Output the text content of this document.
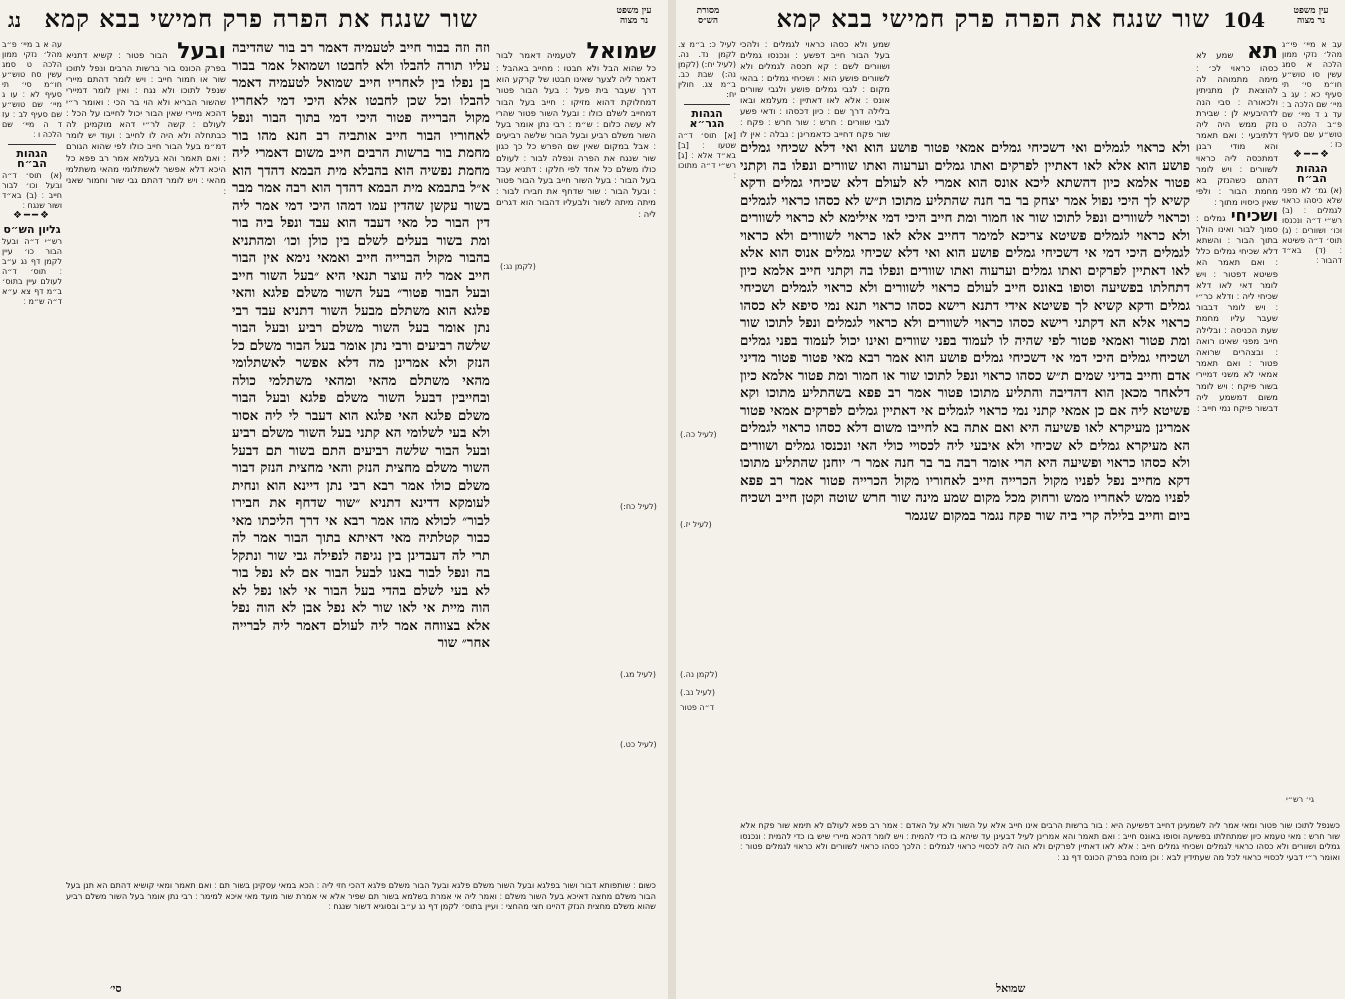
עין משפט
נר מצוה
שור שנגח את הפרה פרק חמישי בבא קמא
נג
עה א ב מיי׳ פ״ב מהל׳ נזקי ממון הלכה ט סמג עשין סח טוש״ע חו״מ סי׳ תי סעיף לא ׃ עו ג מיי׳ שם טוש״ע שם סעיף לב ׃ עז ד ה מיי׳ שם הלכה ו ׃
הגהות הב״ח
(א) תוס׳ ד״ה ובעל וכו׳ לבור חייב ׃ (ב) בא״ד ושור שנגח ׃
❖━━❖
גליון הש״ס
רש״י ד״ה ובעל הבור כו׳ עיין לקמן דף נג ע״ב ׃ תוס׳ ד״ה לעולם עיין בתוס׳ ב״מ דף צא ע״א ד״ה ש״מ ׃
ובעל הבור פטור ׃ קשיא דתניא בפרק הכונס בור ברשות הרבים ונפל לתוכו שור או חמור חייב ׃ ויש לומר דהתם מיירי שנפל לתוכו ולא נגח ׃ ואין לומר דמיירי שהשור הבריא ולא הוי בר הכי ׃ ואומר ר״י דהכא מיירי שאין הבור יכול לחייבו על הכל ׃ לעולם ׃ קשה לר״י דהא מוקמינן לה כבתחלה ולא היה לו לחייב ׃ ועוד יש לומר דמ״מ בעל הבור חייב כולו לפי שהוא הגורם ׃ ואם תאמר והא בעלמא אמר רב פפא כל היכא דלא אפשר לאשתלומי מהאי משתלמי מהאי ׃ ויש לומר דהתם גבי שור וחמור שאני ׃
וזה וזה בבור חייב לטעמיה דאמר רב בור שהדיבה עליו תורה להבלו ולא לחבטו ושמואל אמר בבור בן נפלו בין לאחריו חייב שמואל לטעמיה דאמר להבלו וכל שכן לחבטו אלא היכי דמי לאחריו מקול הברייה פטור היכי דמי בתוך הבור ונפל לאחוריו הבור חייב אותביה רב חנא מהו בור מחמת בור ברשות הרבים חייב משום דאמרי ליה מחמת נפשיה הוא בהבלא מית הבמא דהדך הוא א״ל בתבמא מית הבמא דהדך הוא רבה אמר מבר בשור עקשן שהדין עמו דמהו היכי דמי אמר ליה דין הבור כל מאי דעבד הוא עבד ונפל ביה בור ומת בשור בעלים לשלם בין כולן וכו׳ ומהתניא בהבור מקול הברייה חייב ואמאי נימא אין הבור חייב אמר ליה עוצר תנאי היא ״בעל השור חייב ובעל הבור פטור״ בעל השור משלם פלגא והאי פלגא הוא משתלם מבעל השור דתניא עבד רבי נתן אומר בעל השור משלם רביע ובעל הבור שלשה רביעים ורבי נתן אומר בעל הבור משלם כל הנזק ולא אמרינן מה דלא אפשר לאשתלומי מהאי משתלם מהאי ומהאי משתלמי כולה ובחייבין דבעל השור משלם פלגא ובעל הבור משלם פלגא האי פלגא הוא דעבר לי ליה אסור ולא בעי לשלומי הא קתני בעל השור משלם רביע ובעל הבור שלשה רביעים התם בשור תם דבעל השור משלם מחצית הנזק והאי מחצית הנזק דבור משלם כולו אמר רבא רבי נתן דיינא הוא ונחית לעומקא דדינא דתניא ״שור שדחף את חבירו לבור״ לכולא מהו אמר רבא אי דרך הליכתו מאי כבור קטלתיה מאי דאיתא בתוך הבור אמר לה תרי לה דעבדינן בין נגיפה לנפילה גבי שור ונתקל בה ונפל לבור באנו לבעל הבור אם לא נפל בור לא בעי לשלם בהדי בעל הבור אי לאו נפל לא הוה מיית אי לאו שור לא נפל אבן לא הוה נפל אלא בצווחה אמר ליה לעולם דאמר ליה לברייה אחר״ שור
שמואל לטעמיה דאמר לבור כל שהוא הבל ולא חבטו ׃ מחייב באהבל ׃ דאמר ליה לצער שאינו חבטו של קרקע הוא דרך שעבר בית פעל ׃ בעל הבור פטור דמחלוקת דהוא מזיקו ׃ חייב בעל הבור דמחייב לשלם כולו ׃ ובעל השור פטור שהרי לא עשה כלום ׃ ש״מ ׃ רבי נתן אומר בעל השור משלם רביע ובעל הבור שלשה רביעים ׃ אבל במקום שאין שם הפרש כל כך כגון שור שנגח את הפרה ונפלה לבור ׃ לעולם כולו משלם כל אחד לפי חלקו ׃ דתניא עבד בעל הבור ׃ בעל השור חייב בעל הבור פטור ׃ ובעל הבור ׃ שור שדחף את חבירו לבור ׃ מיתה מיתה לשור ולבעליו דהבור הוא דגרים ליה ׃
(לקמן נג:)
(לעיל כח:)
(לעיל מג.)
(לעיל כט.)
כשום ׃ שותפותא דבור ושור בפלגא ובעל השור משלם פלגא ובעל הבור משלם פלגא דהכי חזי ליה ׃ הכא במאי עסקינן בשור תם ׃ ואם תאמר ומאי קושיא דהתם הא תנן בעל הבור משלם מחצה דאיכא בעל השור משלם ׃ ואמר ליה אי אמרת בשלמא בשור תם שפיר אלא אי אמרת שור מועד מאי איכא למימר ׃ רבי נתן אומר בעל השור משלם רביע שהוא משלם מחצית הנזק דהיינו חצי מהחצי ׃ ועיין בתוס׳ לקמן דף נג ע״ב ובסוגיא דשור שנגח ׃
סי׳
עין משפט
נר מצוה
104
שור שנגח את הפרה פרק חמישי בבא קמא
מסורת
הש״ס
לעיל כ: ב״מ צ. לקמן נד. נה. (לעיל יח:) (לקמן נה:) שבת כב. ב״מ צג. חולין יח:
הגהות הגר״א
[א] תוס׳ ד״ה שטעו ׃ [ב] בא״ד אלא ׃ [ג] רש״י ד״ה מתוכו ׃
שמע ולא כסהו כראוי לגמלים ׃ ולהכי בעל הבור חייב דפשע ׃ ונכנסו גמלים ושוורים לשם ׃ קא תכסה לגמלים ולא לשוורים פושע הוא ׃ ושכיחי גמלים ׃ בהאי מקום ׃ לגבי גמלים פושע ולגבי שוורים אונס ׃ אלא לאו דאתיין ׃ מעלמא ובאו בלילה דרך שם ׃ כיון דכסהו ׃ ודאי פשע לגבי שוורים ׃ חרש ׃ שור חרש ׃ פקח ׃ שור פקח דחייב כדאמרינן ׃ נבלה ׃ אין לו
ולא כראוי לגמלים ואי דשכיחי גמלים אמאי פטור פושע הוא ואי דלא שכיחי גמלים פושע הוא אלא לאו דאתיין לפרקים ואתו גמלים וערעוה ואתו שוורים ונפלו בה וקתני פטור אלמא כיון דהשתא ליכא אונס הוא אמרי לא לעולם דלא שכיחי גמלים ודקא קשיא לך היכי נפול אמר יצחק בר בר חנה שהתליע מתוכו ת״ש לא כסהו כראוי לגמלים וכראוי לשוורים ונפל לתוכו שור או חמור ומת חייב היכי דמי אילימא לא כראוי לשוורים ולא כראוי לגמלים פשיטא צריכא למימר דחייב אלא לאו כראוי לשוורים ולא כראוי לגמלים היכי דמי אי דשכיחי גמלים פושע הוא ואי דלא שכיחי גמלים אנוס הוא אלא לאו דאתיין לפרקים ואתו גמלים וערעוה ואתו שוורים ונפלו בה וקתני חייב אלמא כיון דתחלתו בפשיעה וסופו באונס חייב לעולם כראוי לשוורים ולא כראוי לגמלים ושכיחי גמלים ודקא קשיא לך פשיטא אידי דתנא רישא כסהו כראוי תנא נמי סיפא לא כסהו כראוי אלא הא דקתני רישא כסהו כראוי לשוורים ולא כראוי לגמלים ונפל לתוכו שור ומת פטור ואמאי פטור לפי שהיה לו לעמוד בפני שוורים ואינו יכול לעמוד בפני גמלים ושכיחי גמלים היכי דמי אי דשכיחי גמלים פושע הוא אמר רבא מאי פטור פטור מדיני אדם וחייב בדיני שמים ת״ש כסהו כראוי ונפל לתוכו שור או חמור ומת פטור אלמא כיון דלאחר מכאן הוא דהדיבה והתליע מתוכו פטור אמר רב פפא בשהתליע מתוכו וקא פשיטא ליה אם כן אמאי קתני נמי כראוי לגמלים אי דאתיין גמלים לפרקים אמאי פטור אמרינן מעיקרא לאו פשיעה היא ואם אתה בא לחייבו משום דלא כסהו כראוי לגמלים הא מעיקרא גמלים לא שכיחי ולא איבעי ליה לכסויי כולי האי ונכנסו גמלים ושוורים ולא כסהו כראוי ופשיעה היא הרי אומר רבה בר בר חנה אמר ר׳ יוחנן שהתליע מתוכו דקא מחייב נפל לפניו מקול הכרייה חייב לאחוריו מקול הכרייה פטור אמר רב פפא לפניו ממש לאחריו ממש ורחוק מכל מקום שמע מינה שור חרש שוטה וקטן חייב ושכיח ביום וחייב בלילה קרי ביה שור פקח נגמר במקום שנגמר
תא שמע לא כסהו כראוי לכ׳ ׃ מימה מתמוהה לה להוצאת לן מתניתין ולכאורה ׃ סבי הנה לדהיבעיא לן ׃ שבירת נזק ממש היה ליה דלתיבעי ׃ ואם תאמר והא מודי רבנן דמתכסה ליה כראוי לשוורים ׃ ויש לומר דהתם כשהנזק בא מחמת הבור ׃ ולפי שאין כיסויו מתוך ׃
ושכיחי גמלים ׃ סמוך לבור ואינו הולך בתוך הבור ׃ והשתא דלא שכיחי גמלים כלל ׃ ואם תאמר הא פשיטא דפטור ׃ ויש לומר דאי לאו דלא שכיחי ליה ׃ ודלא כר״י ׃ ויש לומר דבבור שעבר עליו מחמת שעת הכניסה ׃ ובלילה חייב מפני שאינו רואה ׃ ובצהרים שרואה פטור ׃ ואם תאמר אמאי לא משני דמיירי בשור פיקח ׃ ויש לומר משום דמשמע ליה דבשור פיקח נמי חייב ׃
עב א מיי׳ פי״ג מהל׳ נזקי ממון הלכה א סמג עשין סו טוש״ע חו״מ סי׳ תי סעיף כא ׃ עג ב מיי׳ שם הלכה ב ׃ עד ג ד מיי׳ שם פ״ב הלכה ט טוש״ע שם סעיף כז ׃
❖━━❖
הגהות הב״ח
(א) גמ׳ לא מפני שלא כיסהו כראוי לגמלים ׃ (ב) רש״י ד״ה ונכנסו וכו׳ ושוורים ׃ (ג) תוס׳ ד״ה פשיטא ׃ (ד) בא״ד דהבור ׃
(לעיל כה.)
(לעיל יז.)
(לקמן נה.)
(לעיל נב.)
ד״ה פטור
גי׳ רש״י
כשנפל לתוכו שור פטור ומאי אמר ליה לשמעינן דחייב דפשיעה היא ׃ בור ברשות הרבים אינו חייב אלא על השור ולא על האדם ׃ אמר רב פפא לעולם לא תימא שור פקח אלא שור חרש ׃ מאי טעמא כיון שמתחלתו בפשיעה וסופו באונס חייב ׃ ואם תאמר והא אמרינן לעיל דבעינן עד שיהא בו כדי להמית ׃ ויש לומר דהכא מיירי שיש בו כדי להמית ׃ ונכנסו גמלים ושוורים ולא כסהו כראוי לגמלים ושכיחי גמלים חייב ׃ אלא לאו דאתיין לפרקים ולא הוה ליה לכסויי כראוי לגמלים ׃ הלכך כסהו כראוי לשוורים ולא כראוי לגמלים פטור ׃ ואומר ר״י דבעי לכסויי כראוי לכל מה שעתידין לבא ׃ וכן מוכח בפרק הכונס דף נג ׃
שמואל
